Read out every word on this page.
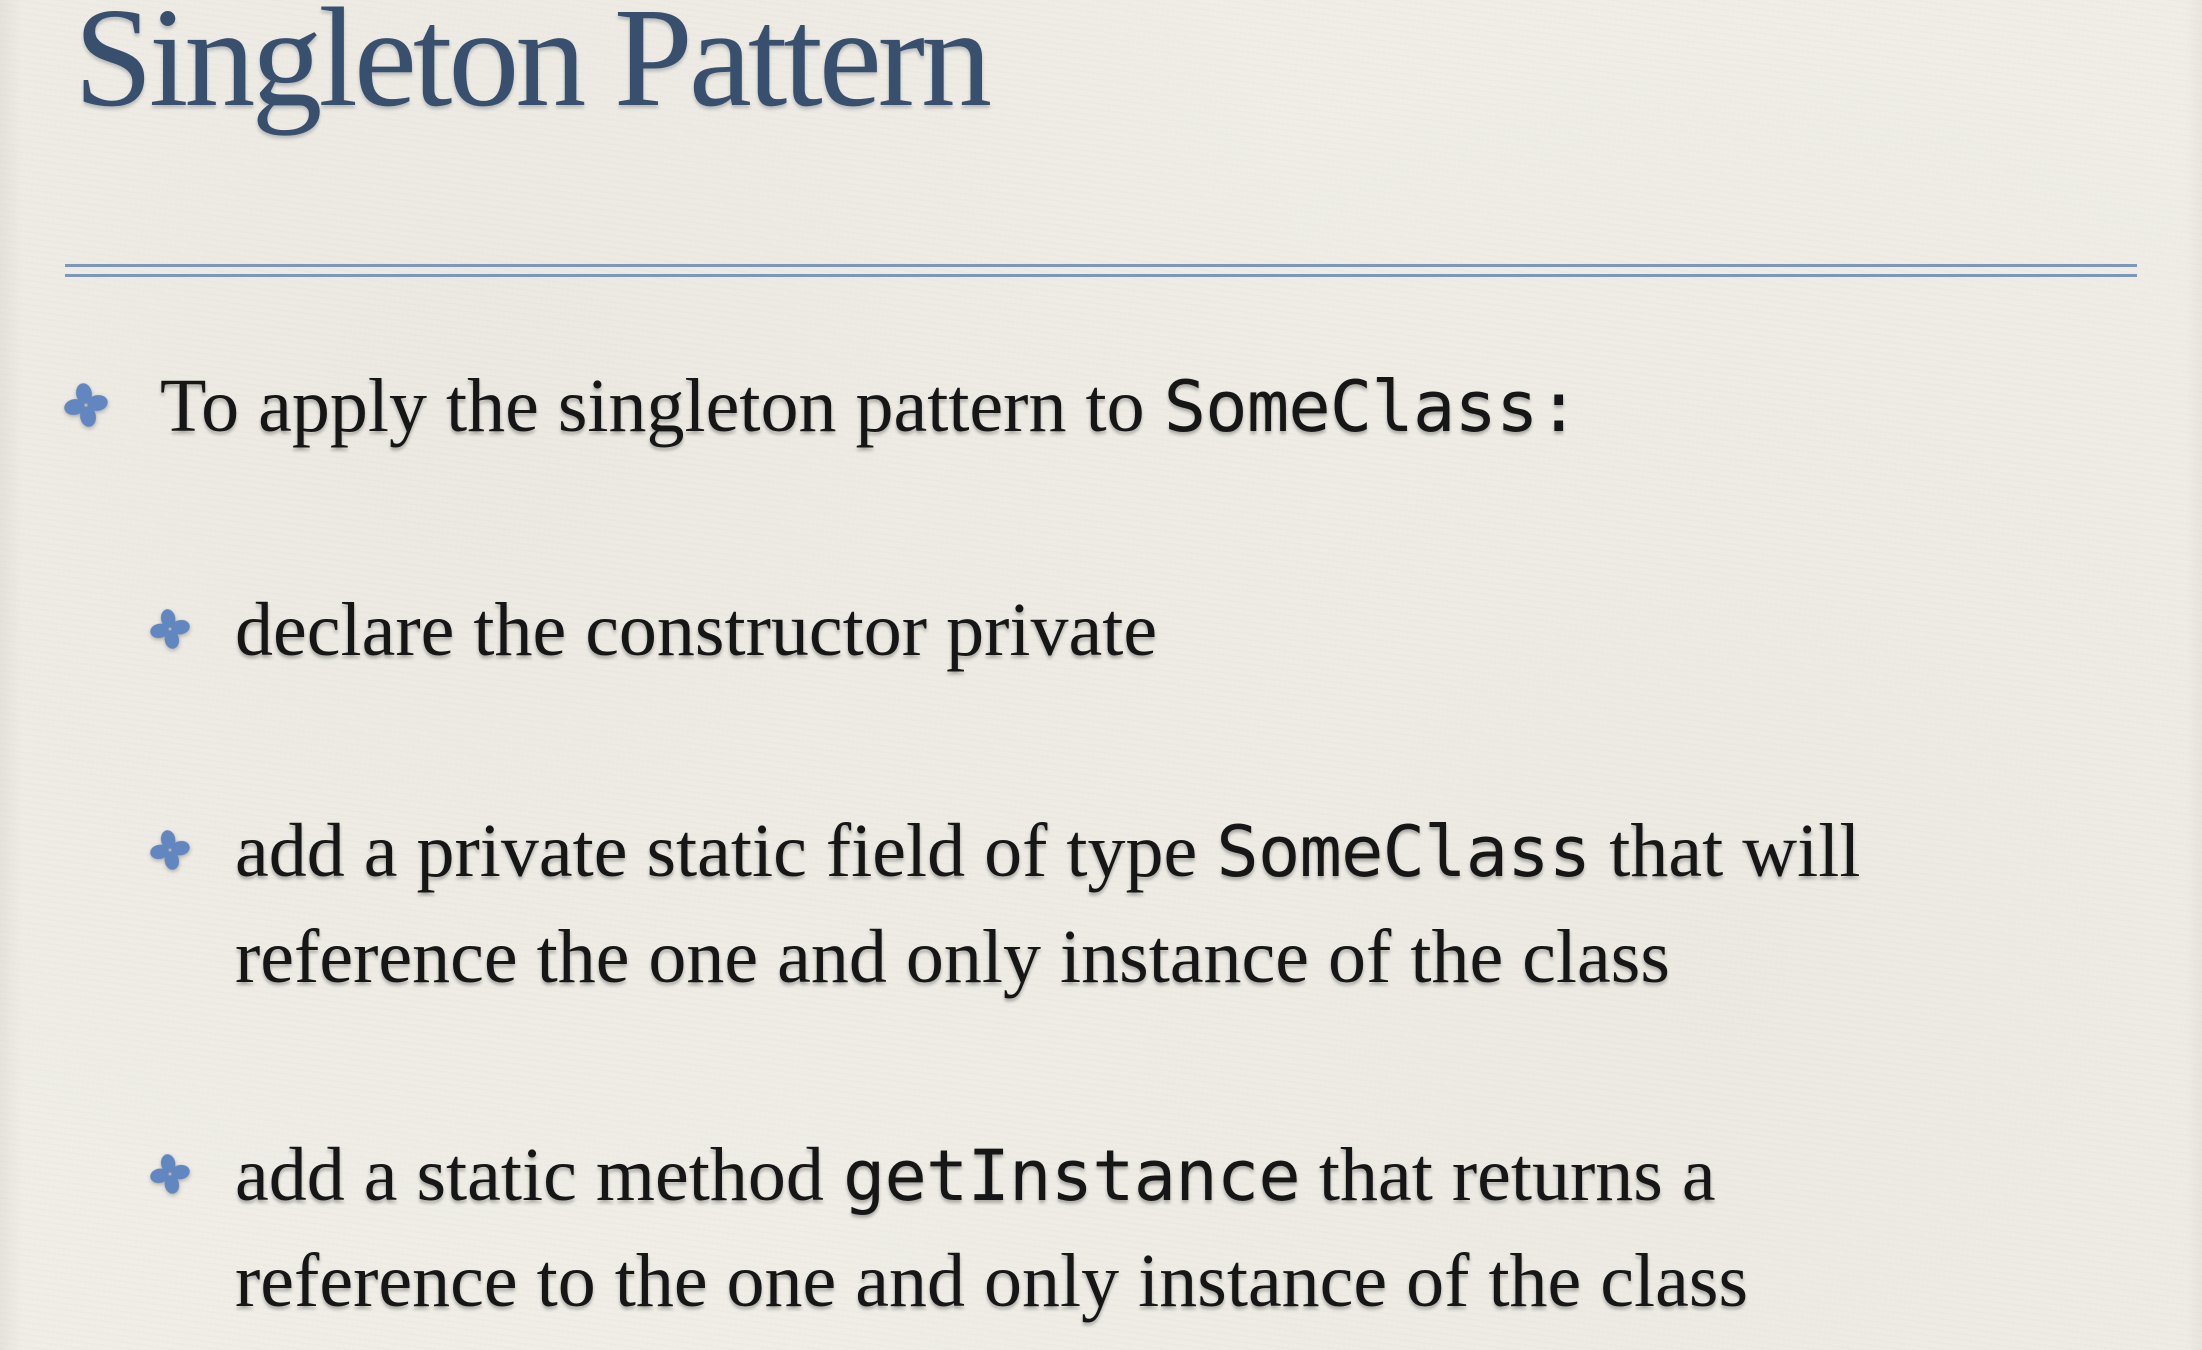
Singleton Pattern
To apply the singleton pattern to SomeClass:
declare the constructor private
add a private static field of type SomeClass that will
reference the one and only instance of the class
add a static method getInstance that returns a
reference to the one and only instance of the class
